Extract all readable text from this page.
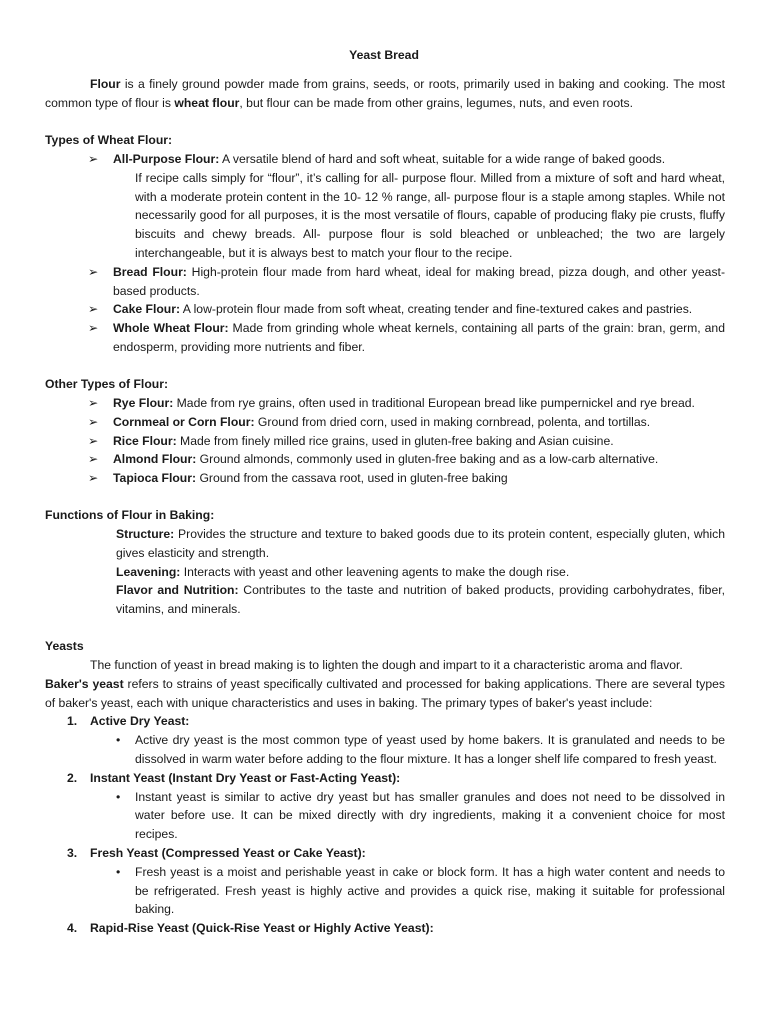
Yeast Bread
Flour is a finely ground powder made from grains, seeds, or roots, primarily used in baking and cooking. The most common type of flour is wheat flour, but flour can be made from other grains, legumes, nuts, and even roots.
Types of Wheat Flour:
➢ All-Purpose Flour: A versatile blend of hard and soft wheat, suitable for a wide range of baked goods.
If recipe calls simply for “flour”, it’s calling for all- purpose flour. Milled from a mixture of soft and hard wheat, with a moderate protein content in the 10- 12 % range, all- purpose flour is a staple among staples. While not necessarily good for all purposes, it is the most versatile of flours, capable of producing flaky pie crusts, fluffy biscuits and chewy breads. All- purpose flour is sold bleached or unbleached; the two are largely interchangeable, but it is always best to match your flour to the recipe.
➢ Bread Flour: High-protein flour made from hard wheat, ideal for making bread, pizza dough, and other yeast-based products.
➢ Cake Flour: A low-protein flour made from soft wheat, creating tender and fine-textured cakes and pastries.
➢ Whole Wheat Flour: Made from grinding whole wheat kernels, containing all parts of the grain: bran, germ, and endosperm, providing more nutrients and fiber.
Other Types of Flour:
➢ Rye Flour: Made from rye grains, often used in traditional European bread like pumpernickel and rye bread.
➢ Cornmeal or Corn Flour: Ground from dried corn, used in making cornbread, polenta, and tortillas.
➢ Rice Flour: Made from finely milled rice grains, used in gluten-free baking and Asian cuisine.
➢ Almond Flour: Ground almonds, commonly used in gluten-free baking and as a low-carb alternative.
➢ Tapioca Flour: Ground from the cassava root, used in gluten-free baking
Functions of Flour in Baking:
Structure: Provides the structure and texture to baked goods due to its protein content, especially gluten, which gives elasticity and strength.
Leavening: Interacts with yeast and other leavening agents to make the dough rise.
Flavor and Nutrition: Contributes to the taste and nutrition of baked products, providing carbohydrates, fiber, vitamins, and minerals.
Yeasts
The function of yeast in bread making is to lighten the dough and impart to it a characteristic aroma and flavor.
Baker's yeast refers to strains of yeast specifically cultivated and processed for baking applications. There are several types of baker's yeast, each with unique characteristics and uses in baking. The primary types of baker's yeast include:
1. Active Dry Yeast:
• Active dry yeast is the most common type of yeast used by home bakers. It is granulated and needs to be dissolved in warm water before adding to the flour mixture. It has a longer shelf life compared to fresh yeast.
2. Instant Yeast (Instant Dry Yeast or Fast-Acting Yeast):
• Instant yeast is similar to active dry yeast but has smaller granules and does not need to be dissolved in water before use. It can be mixed directly with dry ingredients, making it a convenient choice for most recipes.
3. Fresh Yeast (Compressed Yeast or Cake Yeast):
• Fresh yeast is a moist and perishable yeast in cake or block form. It has a high water content and needs to be refrigerated. Fresh yeast is highly active and provides a quick rise, making it suitable for professional baking.
4. Rapid-Rise Yeast (Quick-Rise Yeast or Highly Active Yeast):
